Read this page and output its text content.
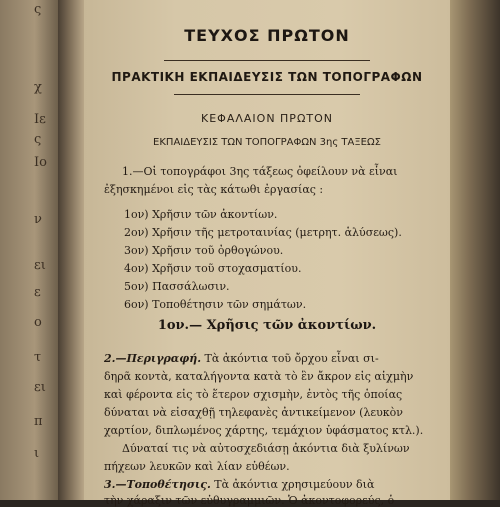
ς
χ
Ιε
ς
Ιο
ν
ει
ε
ο
τ
ει
π
ι
ΤΕΥΧΟΣ ΠΡΩΤΟΝ
ΠΡΑΚΤΙΚΗ ΕΚΠΑΙΔΕΥΣΙΣ ΤΩΝ ΤΟΠΟΓΡΑΦΩΝ
ΚΕΦΑΛΑΙΟΝ ΠΡΩΤΟΝ
ΕΚΠΑΙΔΕΥΣΙΣ ΤΩΝ ΤΟΠΟΓΡΑΦΩΝ 3ης ΤΑΞΕΩΣ
1.—Οἱ τοπογράφοι 3ης τάξεως ὀφείλουν νὰ εἶναι
ἐξησκημένοι εἰς τὰς κάτωθι ἐργασίας :
1ον) Χρῆσιν τῶν ἀκοντίων.
2ον) Χρῆσιν τῆς μετροταινίας (μετρητ. ἁλύσεως).
3ον) Χρῆσιν τοῦ ὀρθογώνου.
4ον) Χρῆσιν τοῦ στοχασματίου.
5ον) Πασσάλωσιν.
6ον) Τοποθέτησιν τῶν σημάτων.
1ον.— Χρῆσις τῶν ἀκοντίων.
2.—Περιγραφή. Τὰ ἀκόντια τοῦ ὄρχου εἶναι σι-
δηρᾶ κοντὰ, καταλήγοντα κατὰ τὸ ἓν ἄκρον εἰς αἰχμὴν
καὶ φέροντα εἰς τὸ ἕτερον σχισμὴν, ἐντὸς τῆς ὁποίας
δύναται νὰ εἰσαχθῇ τηλεφανὲς ἀντικείμενον (λευκὸν
χαρτίον, διπλωμένος χάρτης, τεμάχιον ὑφάσματος κτλ.).
Δύναταί τις νὰ αὐτοσχεδιάσῃ ἀκόντια διὰ ξυλίνων
πήχεων λευκῶν καὶ λίαν εὐθέων.
3.—Τοποθέτησις. Τὰ ἀκόντια χρησιμεύουν διὰ
τὴν χάραξιν τῶν εὐθυγραμμιῶν. Ὁ ἀκοντοφορεύς, ὁ
